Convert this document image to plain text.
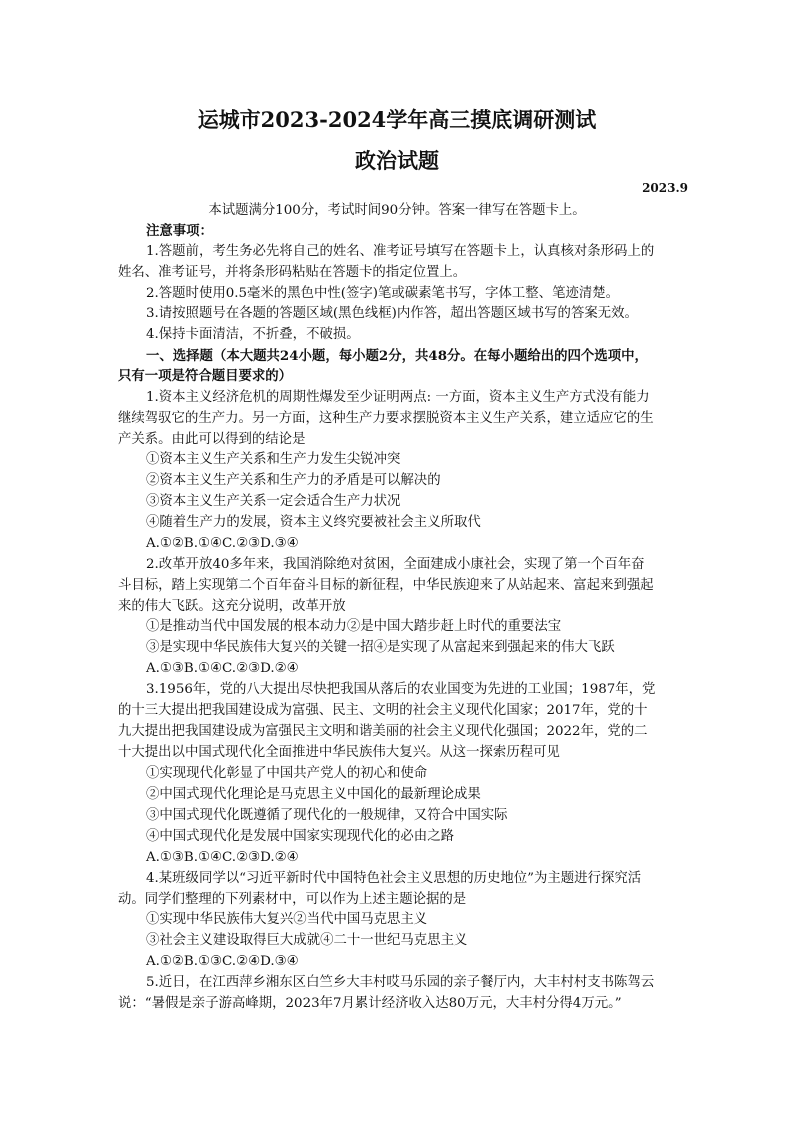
运城市2023-2024学年高三摸底调研测试
政治试题
2023.9
本试题满分100分，考试时间90分钟。答案一律写在答题卡上。
注意事项：
1.答题前，考生务必先将自己的姓名、准考证号填写在答题卡上，认真核对条形码上的
姓名、准考证号，并将条形码粘贴在答题卡的指定位置上。
2.答题时使用0.5毫米的黑色中性(签字)笔或碳素笔书写，字体工整、笔迹清楚。
3.请按照题号在各题的答题区域(黑色线框)内作答，超出答题区域书写的答案无效。
4.保持卡面清洁，不折叠，不破损。
一、选择题（本大题共24小题，每小题2分，共48分。在每小题给出的四个选项中，
只有一项是符合题目要求的）
1.资本主义经济危机的周期性爆发至少证明两点: 一方面，资本主义生产方式没有能力
继续驾驭它的生产力。另一方面，这种生产力要求摆脱资本主义生产关系，建立适应它的生
产关系。由此可以得到的结论是
①资本主义生产关系和生产力发生尖锐冲突
②资本主义生产关系和生产力的矛盾是可以解决的
③资本主义生产关系一定会适合生产力状况
④随着生产力的发展，资本主义终究要被社会主义所取代
A.①②B.①④C.②③D.③④
2.改革开放40多年来，我国消除绝对贫困，全面建成小康社会，实现了第一个百年奋
斗目标，踏上实现第二个百年奋斗目标的新征程，中华民族迎来了从站起来、富起来到强起
来的伟大飞跃。这充分说明，改革开放
①是推动当代中国发展的根本动力②是中国大踏步赶上时代的重要法宝
③是实现中华民族伟大复兴的关键一招④是实现了从富起来到强起来的伟大飞跃
A.①③B.①④C.②③D.②④
3.1956年，党的八大提出尽快把我国从落后的农业国变为先进的工业国；1987年，党
的十三大提出把我国建设成为富强、民主、文明的社会主义现代化国家；2017年，党的十
九大提出把我国建设成为富强民主文明和谐美丽的社会主义现代化强国；2022年，党的二
十大提出以中国式现代化全面推进中华民族伟大复兴。从这一探索历程可见
①实现现代化彰显了中国共产党人的初心和使命
②中国式现代化理论是马克思主义中国化的最新理论成果
③中国式现代化既遵循了现代化的一般规律，又符合中国实际
④中国式现代化是发展中国家实现现代化的必由之路
A.①③B.①④C.②③D.②④
4.某班级同学以“习近平新时代中国特色社会主义思想的历史地位”为主题进行探究活
动。同学们整理的下列素材中，可以作为上述主题论据的是
①实现中华民族伟大复兴②当代中国马克思主义
③社会主义建设取得巨大成就④二十一世纪马克思主义
A.①②B.①③C.②④D.③④
5.近日，在江西萍乡湘东区白竺乡大丰村哎马乐园的亲子餐厅内，大丰村村支书陈驾云
说：“暑假是亲子游高峰期，2023年7月累计经济收入达80万元，大丰村分得4万元。”
